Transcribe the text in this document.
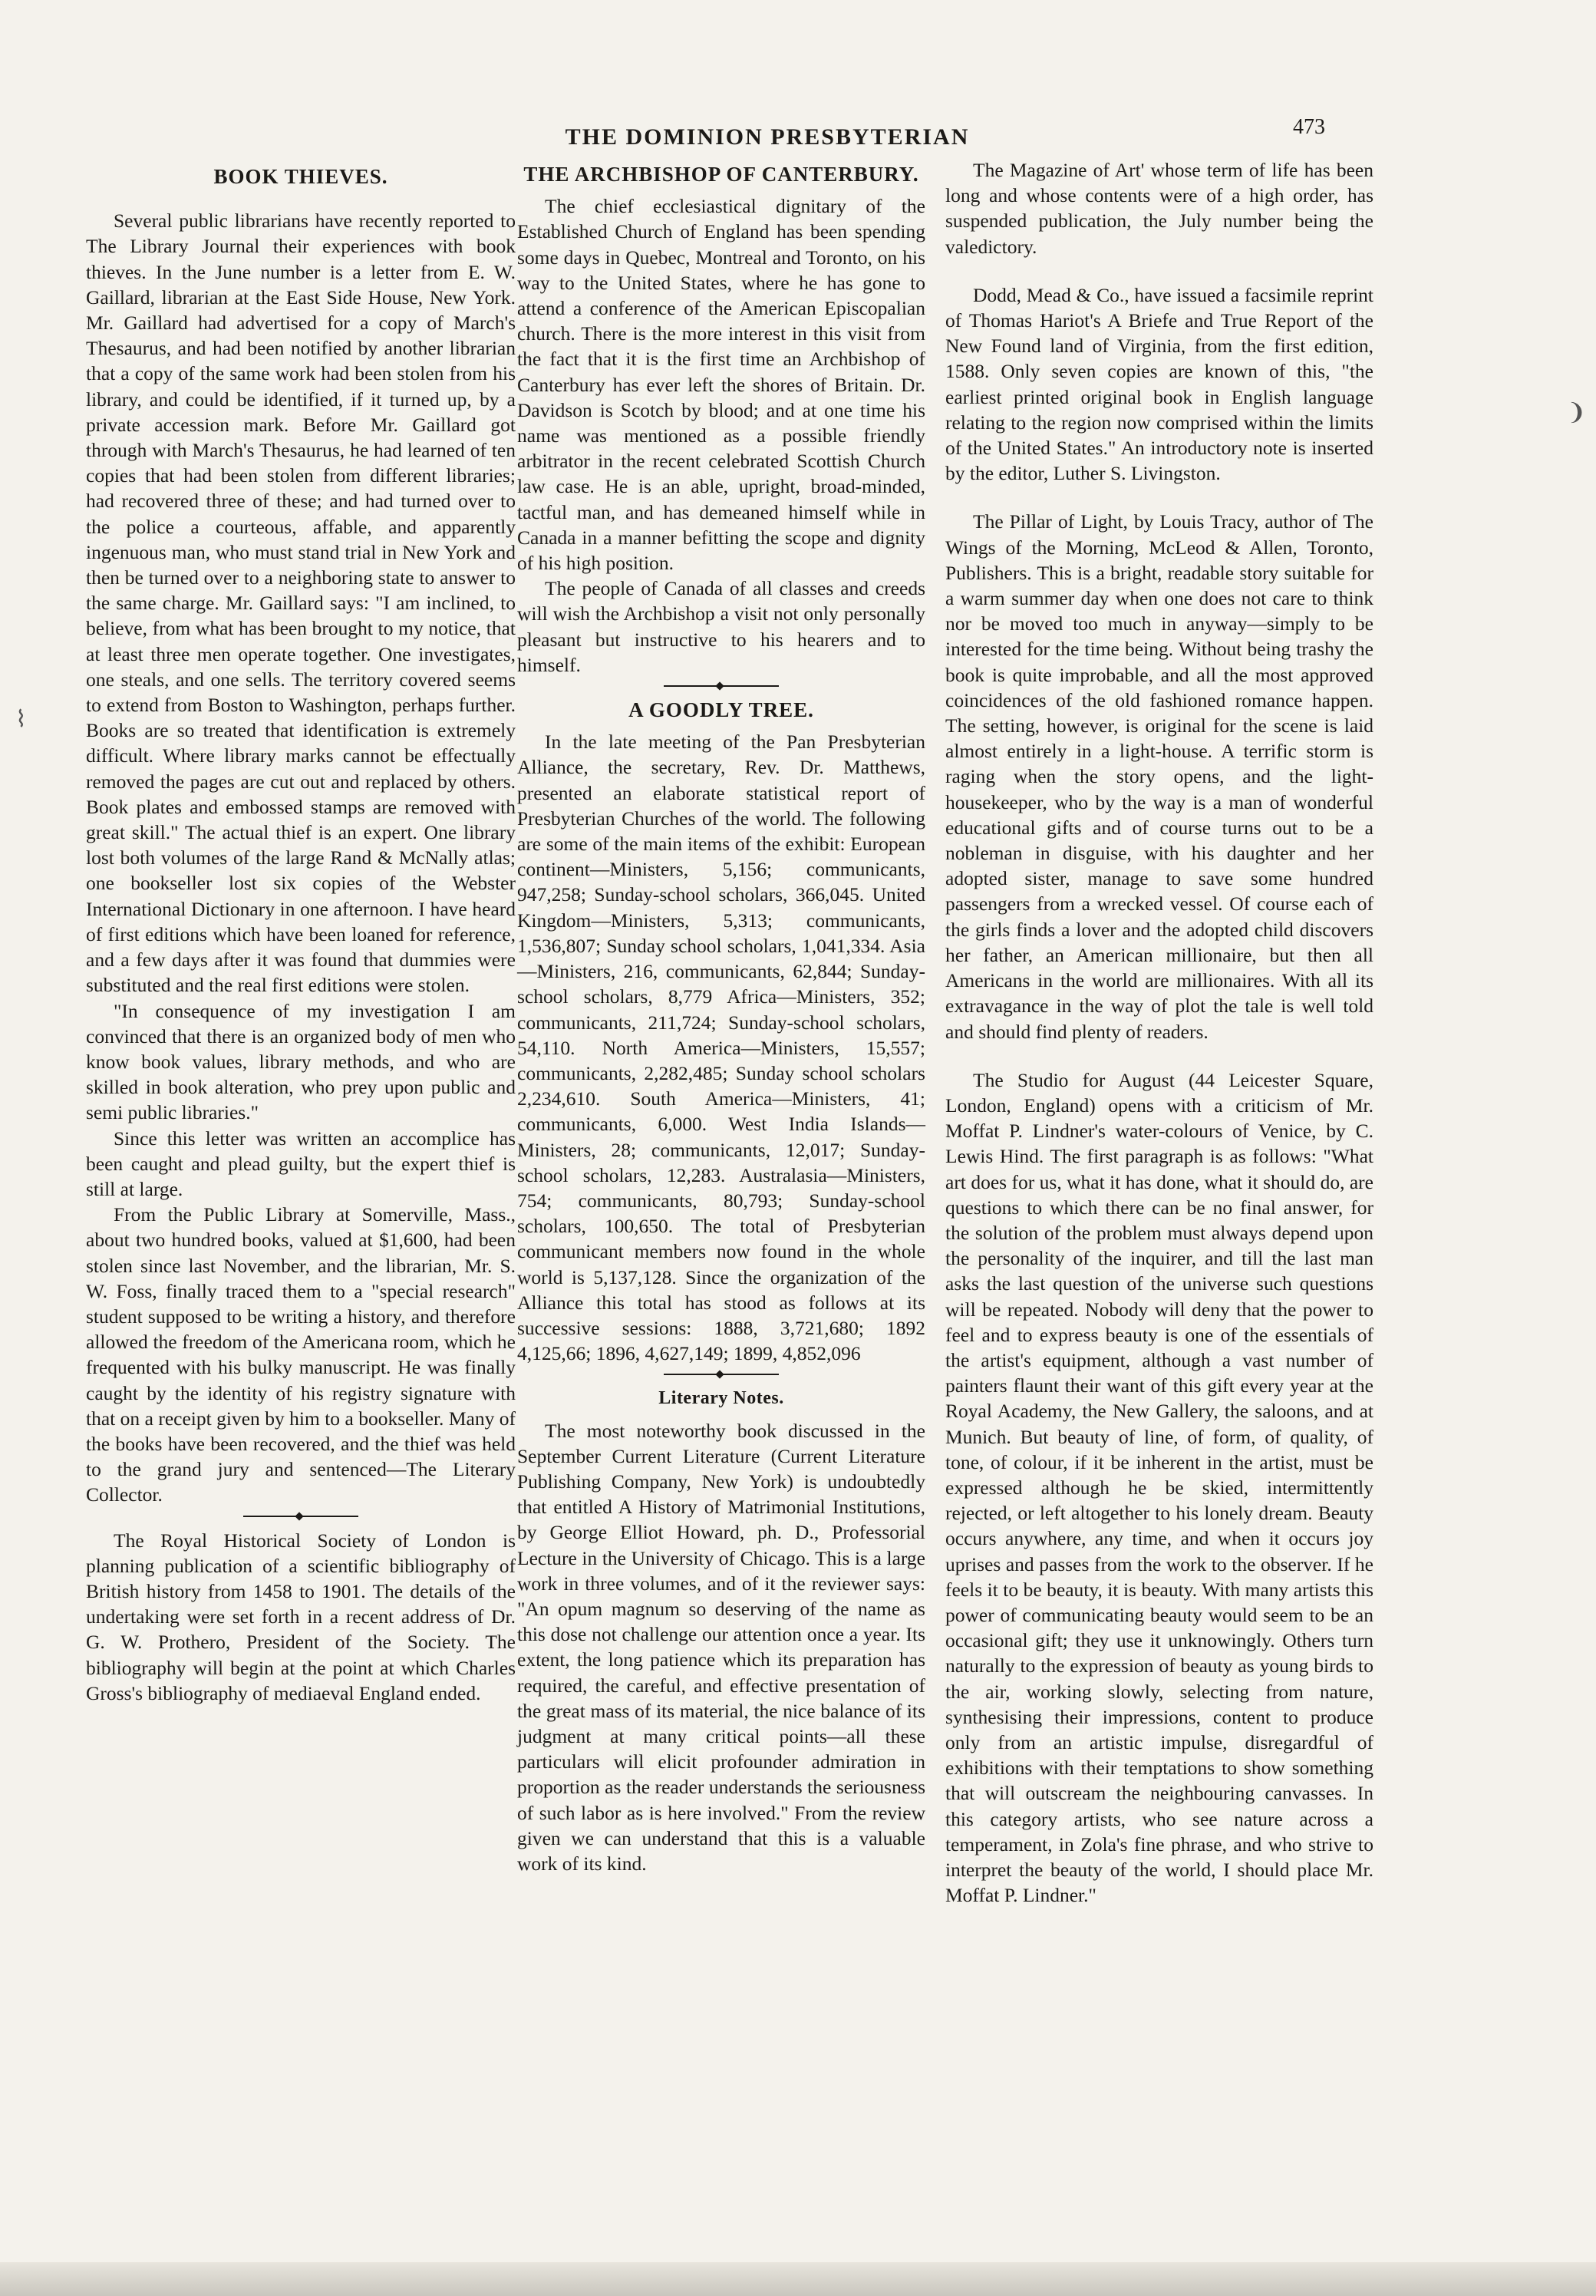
THE DOMINION PRESBYTERIAN	473
BOOK THIEVES.

Several public librarians have recently reported to The Library Journal their experiences with book thieves. In the June number is a letter from E. W. Gaillard, librarian at the East Side House, New York. Mr. Gaillard had advertised for a copy of March's Thesaurus, and had been notified by another librarian that a copy of the same work had been stolen from his library, and could be identified, if it turned up, by a private accession mark. Before Mr. Gaillard got through with March's Thesaurus, he had learned of ten copies that had been stolen from different libraries; had recovered three of these; and had turned over to the police a courteous, affable, and apparently ingenuous man, who must stand trial in New York and then be turned over to a neighboring state to answer to the same charge. Mr. Gaillard says: "I am inclined, to believe, from what has been brought to my notice, that at least three men operate together. One investigates, one steals, and one sells. The territory covered seems to extend from Boston to Washington, perhaps further. Books are so treated that identification is extremely difficult. Where library marks cannot be effectually removed the pages are cut out and replaced by others. Book plates and embossed stamps are removed with great skill." The actual thief is an expert. One library lost both volumes of the large Rand & McNally atlas; one bookseller lost six copies of the Webster International Dictionary in one afternoon. I have heard of first editions which have been loaned for reference, and a few days after it was found that dummies were substituted and the real first editions were stolen.

"In consequence of my investigation I am convinced that there is an organized body of men who know book values, library methods, and who are skilled in book alteration, who prey upon public and semi public libraries."

Since this letter was written an accomplice has been caught and plead guilty, but the expert thief is still at large.

From the Public Library at Somerville, Mass., about two hundred books, valued at $1,600, had been stolen since last November, and the librarian, Mr. S. W. Foss, finally traced them to a "special research" student supposed to be writing a history, and therefore allowed the freedom of the Americana room, which he frequented with his bulky manuscript. He was finally caught by the identity of his registry signature with that on a receipt given by him to a bookseller. Many of the books have been recovered, and the thief was held to the grand jury and sentenced—The Literary Collector.

The Royal Historical Society of London is planning publication of a scientific bibliography of British history from 1458 to 1901. The details of the undertaking were set forth in a recent address of Dr. G. W. Prothero, President of the Society. The bibliography will begin at the point at which Charles Gross's bibliography of mediaeval England ended.

THE ARCHBISHOP OF CANTERBURY.

The chief ecclesiastical dignitary of the Established Church of England has been spending some days in Quebec, Montreal and Toronto, on his way to the United States, where he has gone to attend a conference of the American Episcopalian church. There is the more interest in this visit from the fact that it is the first time an Archbishop of Canterbury has ever left the shores of Britain. Dr. Davidson is Scotch by blood; and at one time his name was mentioned as a possible friendly arbitrator in the recent celebrated Scottish Church law case. He is an able, upright, broad-minded, tactful man, and has demeaned himself while in Canada in a manner befitting the scope and dignity of his high position.

The people of Canada of all classes and creeds will wish the Archbishop a visit not only personally pleasant but instructive to his hearers and to himself.

A GOODLY TREE.

In the late meeting of the Pan Presbyterian Alliance, the secretary, Rev. Dr. Matthews, presented an elaborate statistical report of Presbyterian Churches of the world. The following are some of the main items of the exhibit: European continent—Ministers, 5,156; communicants, 947,258; Sunday-school scholars, 366,045. United Kingdom—Ministers, 5,313; communicants, 1,536,807; Sunday school scholars, 1,041,334. Asia—Ministers, 216, communicants, 62,844; Sunday-school scholars, 8,779 Africa—Ministers, 352; communicants, 211,724; Sunday-school scholars, 54,110. North America—Ministers, 15,557; communicants, 2,282,485; Sunday school scholars 2,234,610. South America—Ministers, 41; communicants, 6,000. West India Islands—Ministers, 28; communicants, 12,017; Sunday-school scholars, 12,283. Australasia—Ministers, 754; communicants, 80,793; Sunday-school scholars, 100,650. The total of Presbyterian communicant members now found in the whole world is 5,137,128. Since the organization of the Alliance this total has stood as follows at its successive sessions: 1888, 3,721,680; 1892 4,125,66; 1896, 4,627,149; 1899, 4,852,096

Literary Notes.

The most noteworthy book discussed in the September Current Literature (Current Literature Publishing Company, New York) is undoubtedly that entitled A History of Matrimonial Institutions, by George Elliot Howard, ph. D., Professorial Lecture in the University of Chicago. This is a large work in three volumes, and of it the reviewer says: "An opum magnum so deserving of the name as this dose not challenge our attention once a year. Its extent, the long patience which its preparation has required, the careful, and effective presentation of the great mass of its material, the nice balance of its judgment at many critical points—all these particulars will elicit profounder admiration in proportion as the reader understands the seriousness of such labor as is here involved." From the review given we can understand that this is a valuable work of its kind.

The Magazine of Art' whose term of life has been long and whose contents were of a high order, has suspended publication, the July number being the valedictory.

Dodd, Mead & Co., have issued a facsimile reprint of Thomas Hariot's A Briefe and True Report of the New Found land of Virginia, from the first edition, 1588. Only seven copies are known of this, "the earliest printed original book in English language relating to the region now comprised within the limits of the United States." An introductory note is inserted by the editor, Luther S. Livingston.

The Pillar of Light, by Louis Tracy, author of The Wings of the Morning, McLeod & Allen, Toronto, Publishers. This is a bright, readable story suitable for a warm summer day when one does not care to think nor be moved too much in anyway—simply to be interested for the time being. Without being trashy the book is quite improbable, and all the most approved coincidences of the old fashioned romance happen. The setting, however, is original for the scene is laid almost entirely in a light-house. A terrific storm is raging when the story opens, and the light-housekeeper, who by the way is a man of wonderful educational gifts and of course turns out to be a nobleman in disguise, with his daughter and her adopted sister, manage to save some hundred passengers from a wrecked vessel. Of course each of the girls finds a lover and the adopted child discovers her father, an American millionaire, but then all Americans in the world are millionaires. With all its extravagance in the way of plot the tale is well told and should find plenty of readers.

The Studio for August (44 Leicester Square, London, England) opens with a criticism of Mr. Moffat P. Lindner's water-colours of Venice, by C. Lewis Hind. The first paragraph is as follows: "What art does for us, what it has done, what it should do, are questions to which there can be no final answer, for the solution of the problem must always depend upon the personality of the inquirer, and till the last man asks the last question of the universe such questions will be repeated. Nobody will deny that the power to feel and to express beauty is one of the essentials of the artist's equipment, although a vast number of painters flaunt their want of this gift every year at the Royal Academy, the New Gallery, the saloons, and at Munich. But beauty of line, of form, of quality, of tone, of colour, if it be inherent in the artist, must be expressed although he be skied, intermittently rejected, or left altogether to his lonely dream. Beauty occurs anywhere, any time, and when it occurs joy uprises and passes from the work to the observer. If he feels it to be beauty, it is beauty. With many artists this power of communicating beauty would seem to be an occasional gift; they use it unknowingly. Others turn naturally to the expression of beauty as young birds to the air, working slowly, selecting from nature, synthesising their impressions, content to produce only from an artistic impulse, disregardful of exhibitions with their temptations to show something that will outscream the neighbouring canvasses. In this category artists, who see nature across a temperament, in Zola's fine phrase, and who strive to interpret the beauty of the world, I should place Mr. Moffat P. Lindner."

⌇
❩
